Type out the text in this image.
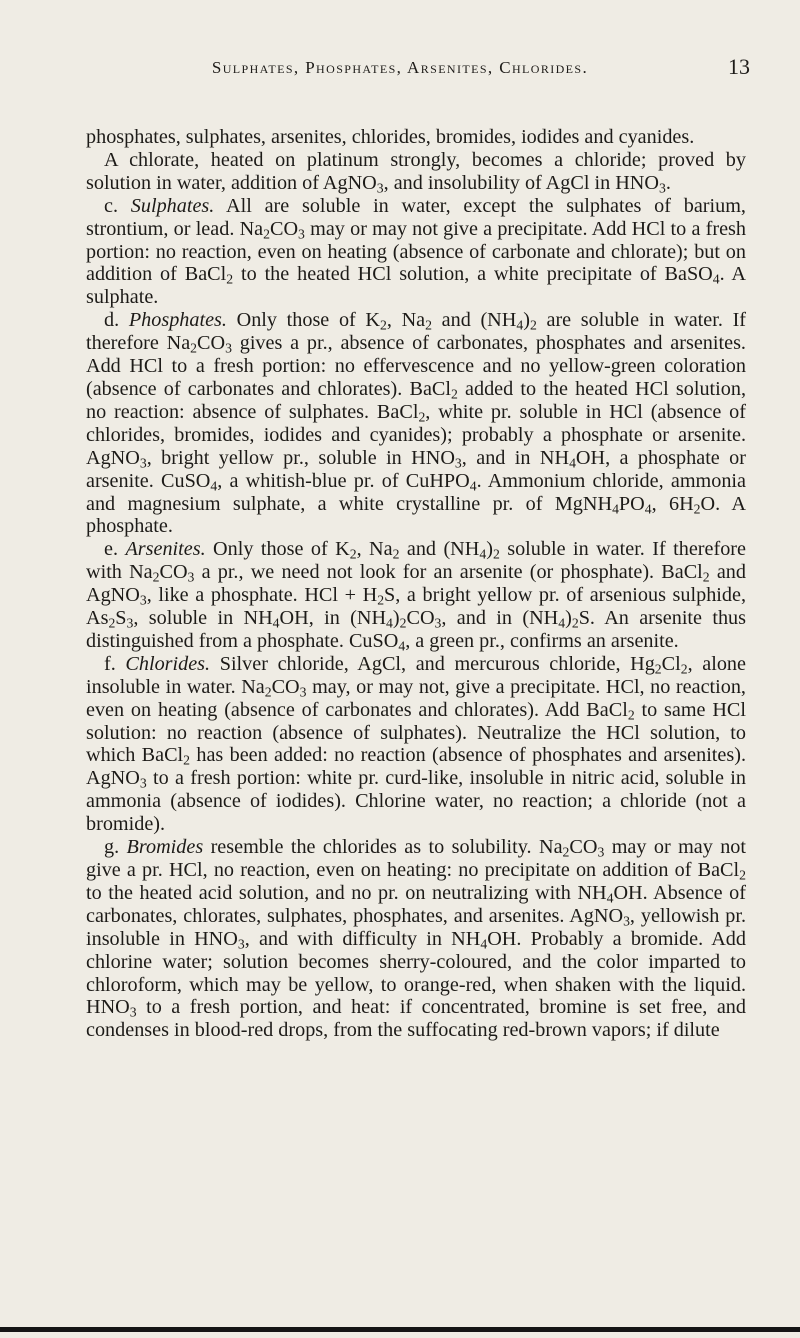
Sulphates, Phosphates, Arsenites, Chlorides.	13

phosphates, sulphates, arsenites, chlorides, bromides, iodides and cyanides.

A chlorate, heated on platinum strongly, becomes a chloride; proved by solution in water, addition of AgNO$_3$, and insolubility of AgCl in $HNO_3$.

c. Sulphates. All are soluble in water, except the sulphates of barium, strontium, or lead. $Na_2CO_3$ may or may not give a precipitate. Add HCl to a fresh portion: no reaction, even on heating (absence of carbonate and chlorate); but on addition of BaCl$_2$ to the heated HCl solution, a white precipitate of BaSO$_4$. A sulphate.

d. Phosphates. Only those of $K_2$, $Na_2$ and $(NH_4)_2$ are soluble in water. If therefore $Na_2CO_3$ gives a pr., absence of carbonates, phosphates and arsenites. Add HCl to a fresh portion: no effervescence and no yellow-green coloration (absence of carbonates and chlorates). BaCl$_2$ added to the heated HCl solution, no reaction: absence of sulphates. BaCl$_2$, white pr. soluble in HCl (absence of chlorides, bromides, iodides and cyanides); probably a phosphate or arsenite. AgNO$_3$, bright yellow pr., soluble in $HNO_3$, and in $NH_4OH$, a phosphate or arsenite. CuSO$_4$, a whitish-blue pr. of CuHPO$_4$. Ammonium chloride, ammonia and magnesium sulphate, a white crystalline pr. of $MgNH_4PO_4$, $6H_2O$. A phosphate.

e. Arsenites. Only those of $K_2$, $Na_2$ and $(NH_4)_2$ soluble in water. If therefore with $Na_2CO_3$ a pr., we need not look for an arsenite (or phosphate). BaCl$_2$ and AgNO$_3$, like a phosphate. HCl + $H_2S$, a bright yellow pr. of arsenious sulphide, $As_2S_3$, soluble in $NH_4OH$, in $(NH_4)_2CO_3$, and in $(NH_4)_2S$. An arsenite thus distinguished from a phosphate. CuSO$_4$, a green pr., confirms an arsenite.

f. Chlorides. Silver chloride, AgCl, and mercurous chloride, $Hg_2Cl_2$, alone insoluble in water. $Na_2CO_3$ may, or may not, give a precipitate. HCl, no reaction, even on heating (absence of carbonates and chlorates). Add BaCl$_2$ to same HCl solution: no reaction (absence of sulphates). Neutralize the HCl solution, to which BaCl$_2$ has been added: no reaction (absence of phosphates and arsenites). AgNO$_3$ to a fresh portion: white pr. curd-like, insoluble in nitric acid, soluble in ammonia (absence of iodides). Chlorine water, no reaction; a chloride (not a bromide).

g. Bromides resemble the chlorides as to solubility. $Na_2CO_3$ may or may not give a pr. HCl, no reaction, even on heating: no precipitate on addition of BaCl$_2$ to the heated acid solution, and no pr. on neutralizing with $NH_4OH$. Absence of carbonates, chlorates, sulphates, phosphates, and arsenites. AgNO$_3$, yellowish pr. insoluble in $HNO_3$, and with difficulty in $NH_4OH$. Probably a bromide. Add chlorine water; solution becomes sherry-coloured, and the color imparted to chloroform, which may be yellow, to orange-red, when shaken with the liquid. $HNO_3$ to a fresh portion, and heat: if concentrated, bromine is set free, and condenses in blood-red drops, from the suffocating red-brown vapors; if dilute
